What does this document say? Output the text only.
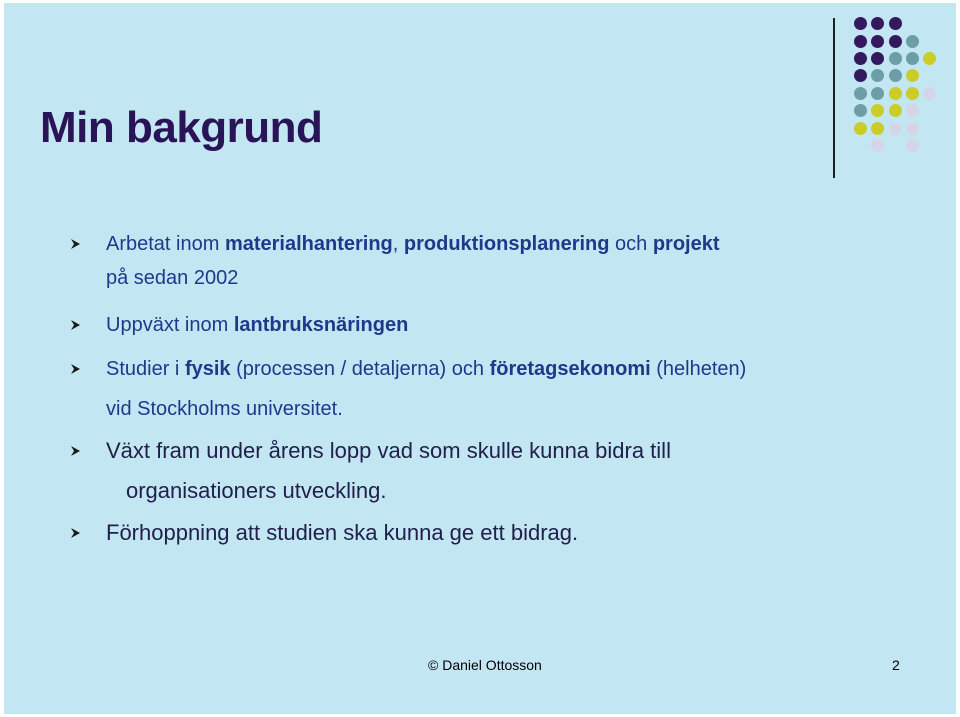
Min bakgrund
Arbetat inom materialhantering, produktionsplanering och projekt
på sedan 2002
Uppväxt inom lantbruksnäringen
Studier i fysik (processen / detaljerna) och företagsekonomi (helheten)
vid Stockholms universitet.
Växt fram under årens lopp vad som skulle kunna bidra till
organisationers utveckling.
Förhoppning att studien ska kunna ge ett bidrag.
© Daniel Ottosson	2
